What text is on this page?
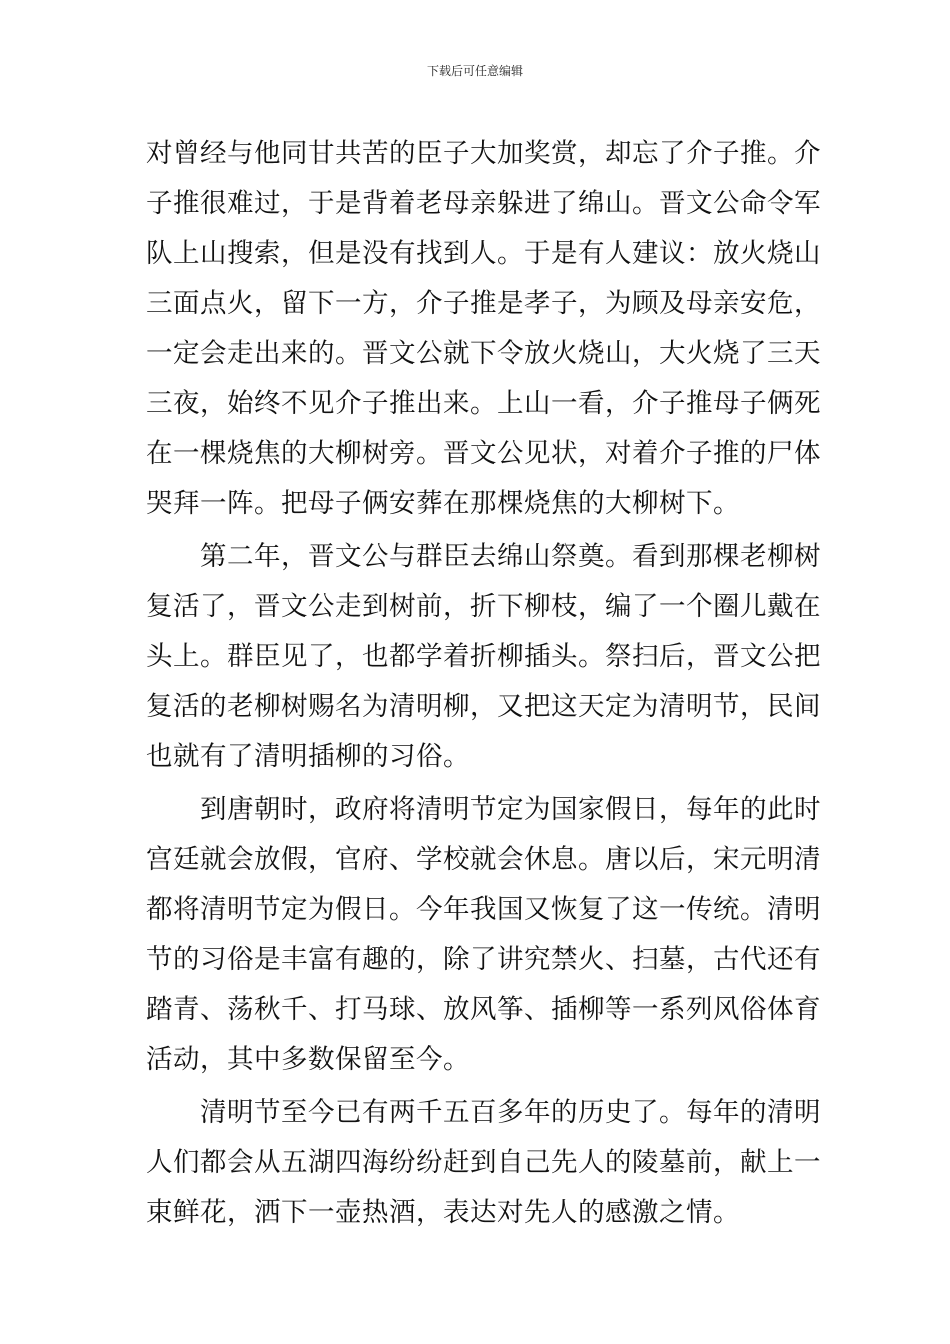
下载后可任意编辑
对曾经与他同甘共苦的臣子大加奖赏，却忘了介子推。介
子推很难过，于是背着老母亲躲进了绵山。晋文公命令军
队上山搜索，但是没有找到人。于是有人建议：放火烧山
三面点火，留下一方，介子推是孝子，为顾及母亲安危，
一定会走出来的。晋文公就下令放火烧山，大火烧了三天
三夜，始终不见介子推出来。上山一看，介子推母子俩死
在一棵烧焦的大柳树旁。晋文公见状，对着介子推的尸体
哭拜一阵。把母子俩安葬在那棵烧焦的大柳树下。
　　第二年，晋文公与群臣去绵山祭奠。看到那棵老柳树
复活了，晋文公走到树前，折下柳枝，编了一个圈儿戴在
头上。群臣见了，也都学着折柳插头。祭扫后，晋文公把
复活的老柳树赐名为清明柳，又把这天定为清明节，民间
也就有了清明插柳的习俗。
　　到唐朝时，政府将清明节定为国家假日，每年的此时
宫廷就会放假，官府、学校就会休息。唐以后，宋元明清
都将清明节定为假日。今年我国又恢复了这一传统。清明
节的习俗是丰富有趣的，除了讲究禁火、扫墓，古代还有
踏青、荡秋千、打马球、放风筝、插柳等一系列风俗体育
活动，其中多数保留至今。
　　清明节至今已有两千五百多年的历史了。每年的清明
人们都会从五湖四海纷纷赶到自己先人的陵墓前，献上一
束鲜花，洒下一壶热酒，表达对先人的感激之情。
